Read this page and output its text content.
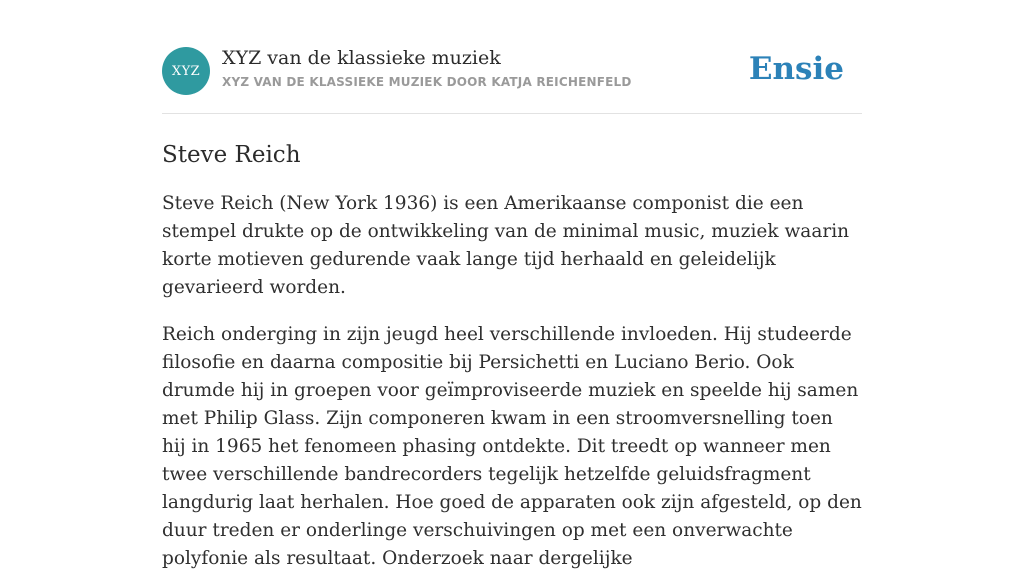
XYZ
XYZ van de klassieke muziek
XYZ VAN DE KLASSIEKE MUZIEK DOOR KATJA REICHENFELD	Ensie
Steve Reich

Steve Reich (New York 1936) is een Amerikaanse componist die een stempel drukte op de ontwikkeling van de minimal music, muziek waarin korte motieven gedurende vaak lange tijd herhaald en geleidelijk gevarieerd worden.

Reich onderging in zijn jeugd heel verschillende invloeden. Hij studeerde filosofie en daarna compositie bij Persichetti en Luciano Berio. Ook drumde hij in groepen voor geïmproviseerde muziek en speelde hij samen met Philip Glass. Zijn componeren kwam in een stroomversnelling toen hij in 1965 het fenomeen phasing ontdekte. Dit treedt op wanneer men twee verschillende bandrecorders tegelijk hetzelfde geluidsfragment langdurig laat herhalen. Hoe goed de apparaten ook zijn afgesteld, op den duur treden er onderlinge verschuivingen op met een onverwachte polyfonie als resultaat. Onderzoek naar dergelijke
